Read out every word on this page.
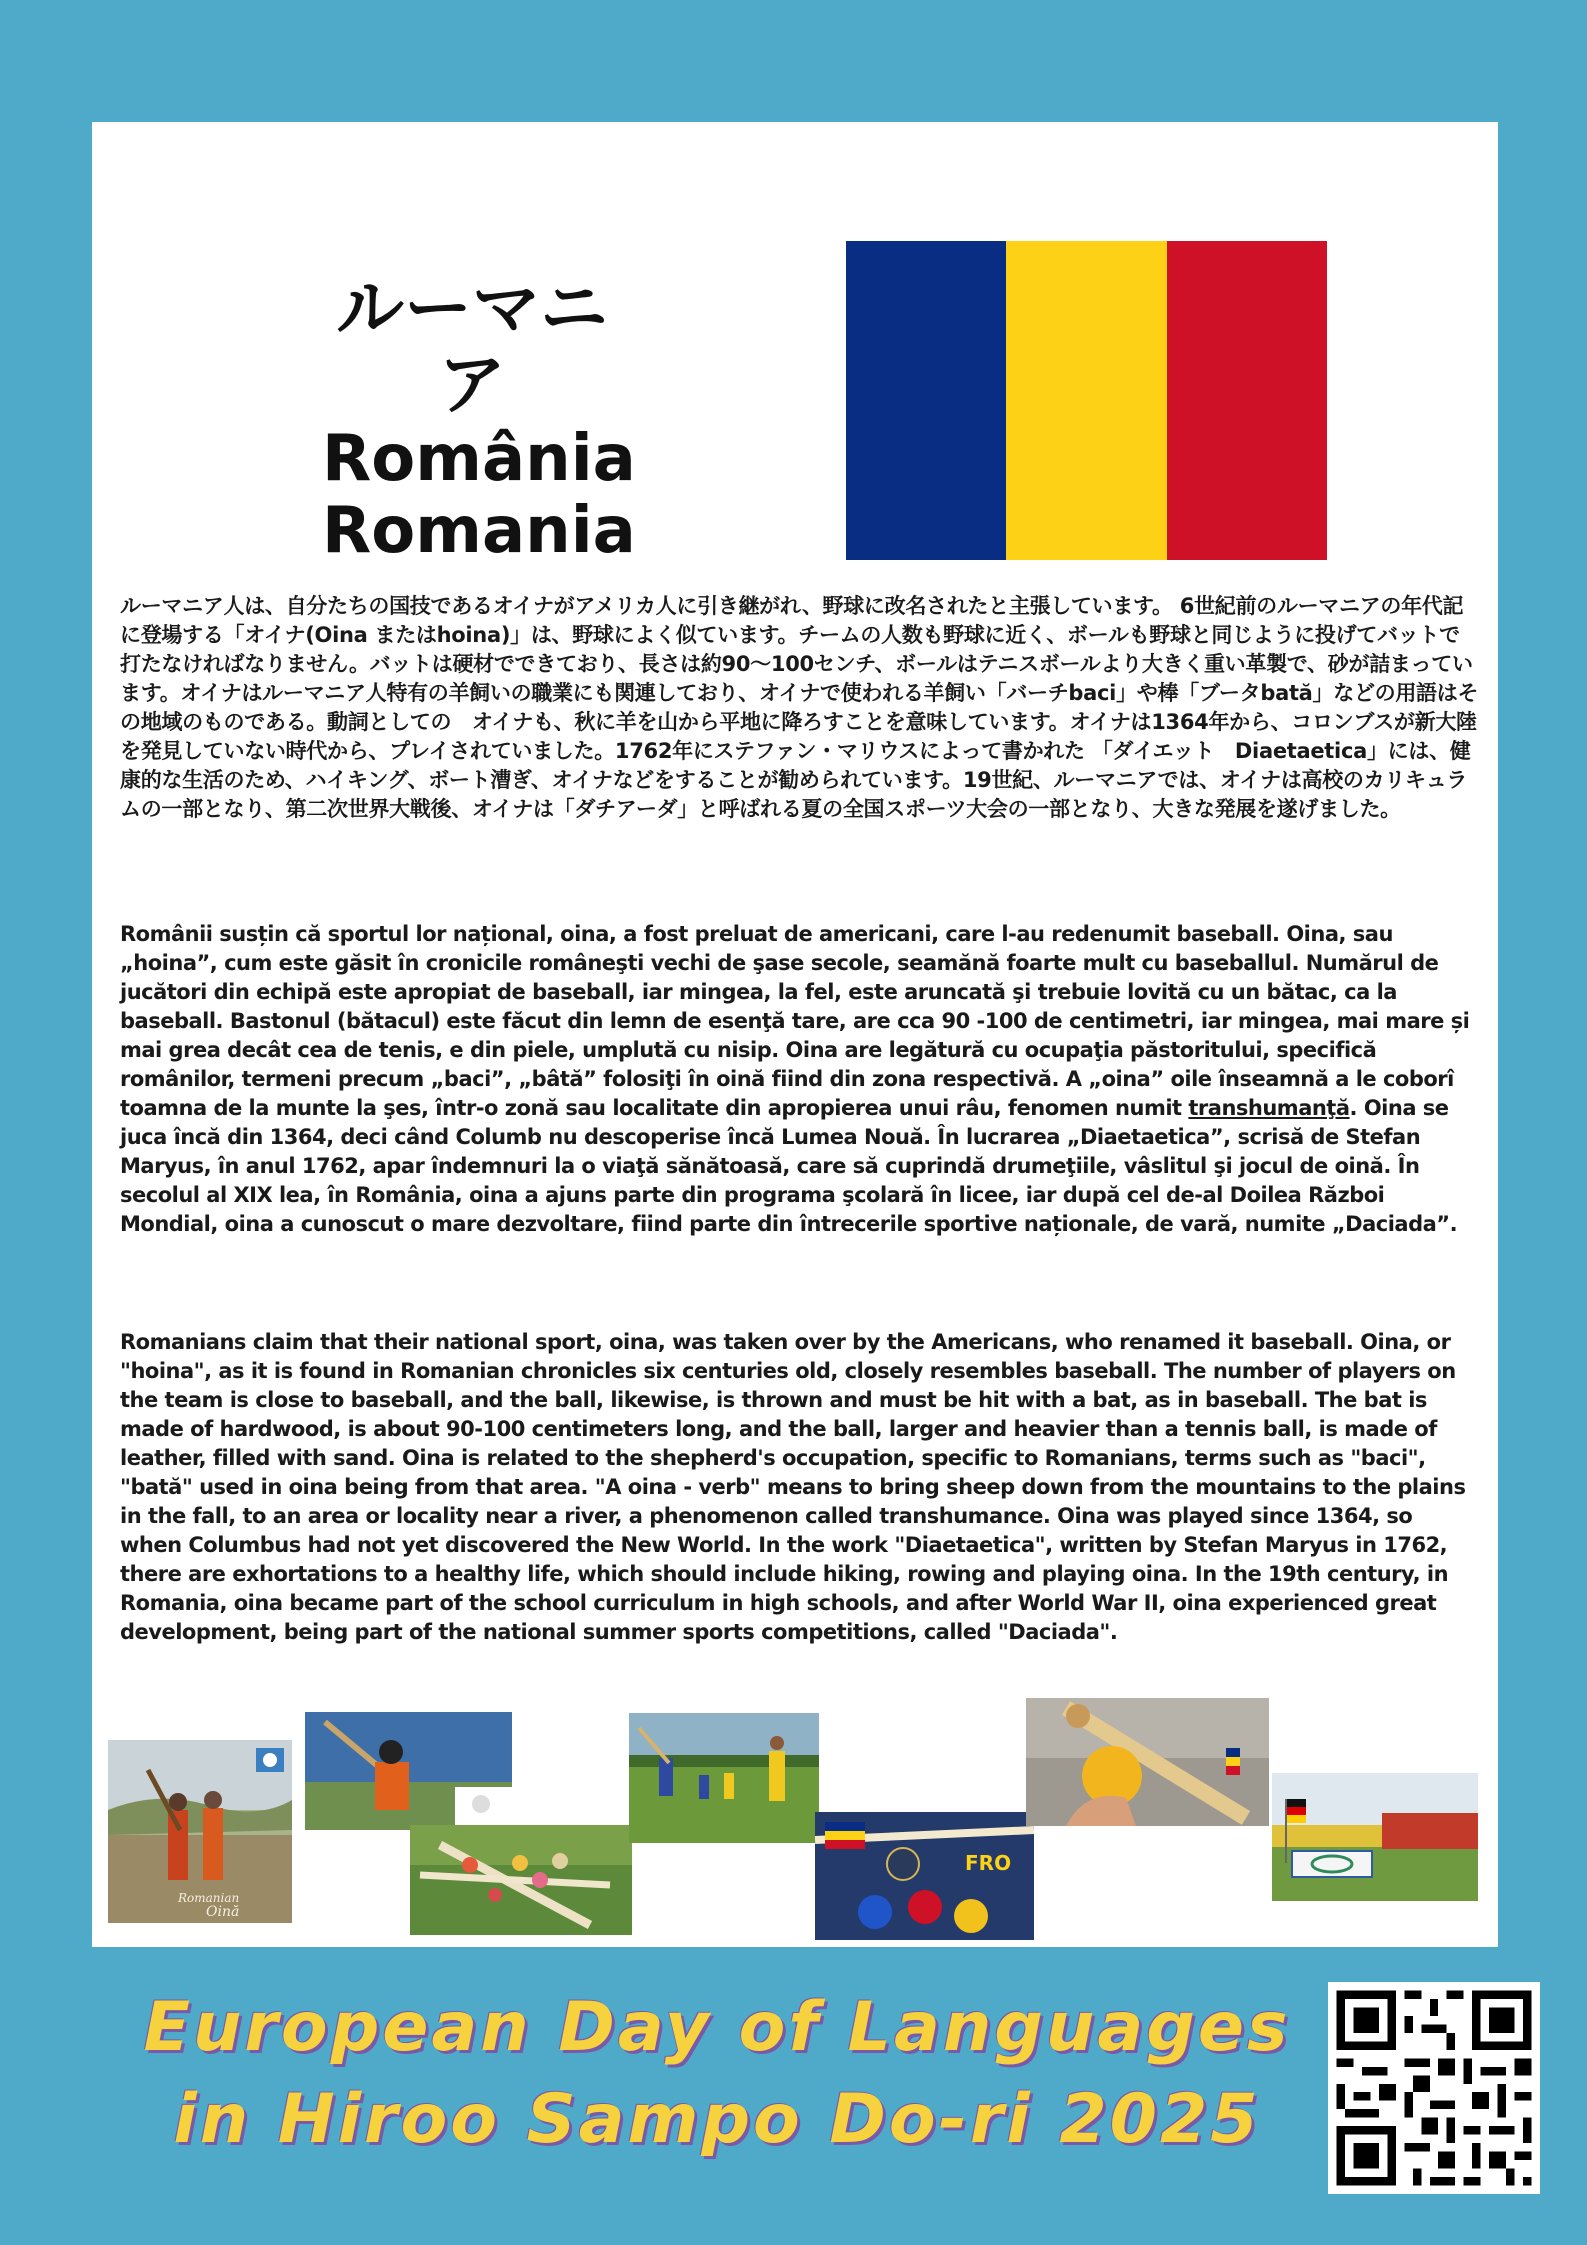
ルーマニア
România
Romania

ルーマニア人は、自分たちの国技であるオイナがアメリカ人に引き継がれ、野球に改名されたと主張しています。 6世紀前のルーマニアの年代記に登場する「オイナ(Oina またはhoina)」は、野球によく似ています。チームの人数も野球に近く、ボールも野球と同じように投げてバットで打たなければなりません。バットは硬材でできており、長さは約90～100センチ、ボールはテニスボールより大きく重い革製で、砂が詰まっています。オイナはルーマニア人特有の羊飼いの職業にも関連しており、オイナで使われる羊飼い「バーチbaci」や棒「ブータbată」などの用語はその地域のものである。動詞としての　オイナも、秋に羊を山から平地に降ろすことを意味しています。オイナは1364年から、コロンブスが新大陸を発見していない時代から、プレイされていました。1762年にステファン・マリウスによって書かれた 「ダイエット　Diaetaetica」には、健康的な生活のため、ハイキング、ボート漕ぎ、オイナなどをすることが勧められています。19世紀、ルーマニアでは、オイナは高校のカリキュラムの一部となり、第二次世界大戦後、オイナは「ダチアーダ」と呼ばれる夏の全国スポーツ大会の一部となり、大きな発展を遂げました。

Românii susțin că sportul lor național, oina, a fost preluat de americani, care l-au redenumit baseball. Oina, sau „hoina”, cum este găsit în cronicile româneşti vechi de şase secole, seamănă foarte mult cu baseballul. Numărul de jucători din echipă este apropiat de baseball, iar mingea, la fel, este aruncată şi trebuie lovită cu un bătac, ca la baseball. Bastonul (bătacul) este făcut din lemn de esenţă tare, are cca 90 -100 de centimetri, iar mingea, mai mare și mai grea decât cea de tenis, e din piele, umplută cu nisip. Oina are legătură cu ocupaţia păstoritului, specifică românilor, termeni precum „baci”, „bâtă” folosiţi în oină fiind din zona respectivă. A „oina” oile înseamnă a le coborî toamna de la munte la şes, într-o zonă sau localitate din apropierea unui râu, fenomen numit transhumanţă. Oina se juca încă din 1364, deci când Columb nu descoperise încă Lumea Nouă. În lucrarea „Diaetaetica”, scrisă de Stefan Maryus, în anul 1762, apar îndemnuri la o viaţă sănătoasă, care să cuprindă drumeţiile, vâslitul şi jocul de oină. În secolul al XIX lea, în România, oina a ajuns parte din programa şcolară în licee, iar după cel de-al Doilea Război Mondial, oina a cunoscut o mare dezvoltare, fiind parte din întrecerile sportive naționale, de vară, numite „Daciada”.

Romanians claim that their national sport, oina, was taken over by the Americans, who renamed it baseball. Oina, or "hoina", as it is found in Romanian chronicles six centuries old, closely resembles baseball. The number of players on the team is close to baseball, and the ball, likewise, is thrown and must be hit with a bat, as in baseball. The bat is made of hardwood, is about 90-100 centimeters long, and the ball, larger and heavier than a tennis ball, is made of leather, filled with sand. Oina is related to the shepherd's occupation, specific to Romanians, terms such as "baci", "bată" used in oina being from that area. "A oina - verb" means to bring sheep down from the mountains to the plains in the fall, to an area or locality near a river, a phenomenon called transhumance. Oina was played since 1364, so when Columbus had not yet discovered the New World. In the work "Diaetaetica", written by Stefan Maryus in 1762, there are exhortations to a healthy life, which should include hiking, rowing and playing oina. In the 19th century, in Romania, oina became part of the school curriculum in high schools, and after World War II, oina experienced great development, being part of the national summer sports competitions, called "Daciada".

Romanian
Oină
FRO
European Day of Languages
in Hiroo Sampo Do-ri 2025
